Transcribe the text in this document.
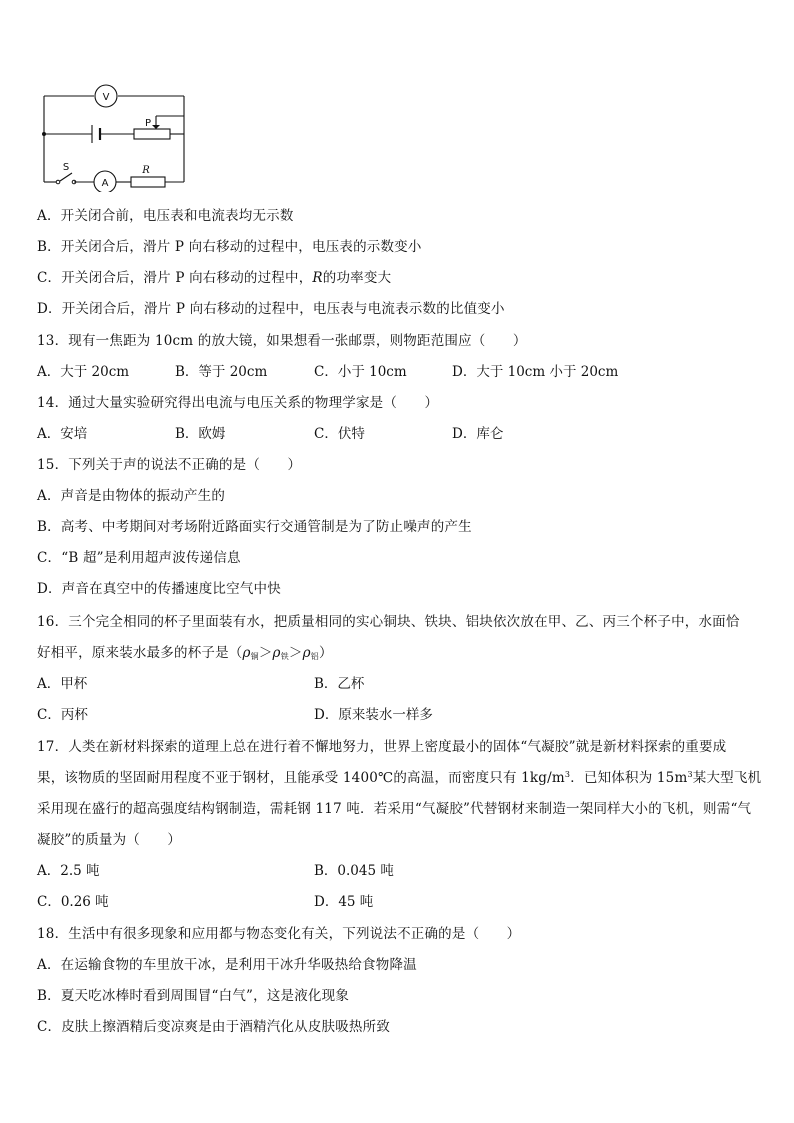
V
A
P
S	R
A．开关闭合前，电压表和电流表均无示数
B．开关闭合后，滑片 P 向右移动的过程中，电压表的示数变小
C．开关闭合后，滑片 P 向右移动的过程中，R的功率变大
D．开关闭合后，滑片 P 向右移动的过程中，电压表与电流表示数的比值变小
13．现有一焦距为 10cm 的放大镜，如果想看一张邮票，则物距范围应（　　）
A．大于 20cm	B．等于 20cm	C．小于 10cm	D．大于 10cm 小于 20cm
14．通过大量实验研究得出电流与电压关系的物理学家是（　　）
A．安培	B．欧姆	C．伏特	D．库仑
15．下列关于声的说法不正确的是（　　）
A．声音是由物体的振动产生的
B．高考、中考期间对考场附近路面实行交通管制是为了防止噪声的产生
C．“B 超”是利用超声波传递信息
D．声音在真空中的传播速度比空气中快
16．三个完全相同的杯子里面装有水，把质量相同的实心铜块、铁块、铝块依次放在甲、乙、丙三个杯子中，水面恰
好相平，原来装水最多的杯子是$(\rho_铜>\rho_铁>\rho_铝)$
A．甲杯	B．乙杯
C．丙杯	D．原来装水一样多
17．人类在新材料探索的道理上总在进行着不懈地努力，世界上密度最小的固体“气凝胶”就是新材料探索的重要成
果，该物质的坚固耐用程度不亚于钢材，且能承受 1400℃的高温，而密度只有 $1kg/m^3$．已知体积为 $15m^3$某大型飞机
采用现在盛行的超高强度结构钢制造，需耗钢 117 吨．若采用“气凝胶”代替钢材来制造一架同样大小的飞机，则需“气
凝胶”的质量为（　　）
A．2.5 吨	B．0.045 吨
C．0.26 吨	D．45 吨
18．生活中有很多现象和应用都与物态变化有关，下列说法不正确的是（　　）
A．在运输食物的车里放干冰，是利用干冰升华吸热给食物降温
B．夏天吃冰棒时看到周围冒“白气”，这是液化现象
C．皮肤上擦酒精后变凉爽是由于酒精汽化从皮肤吸热所致
